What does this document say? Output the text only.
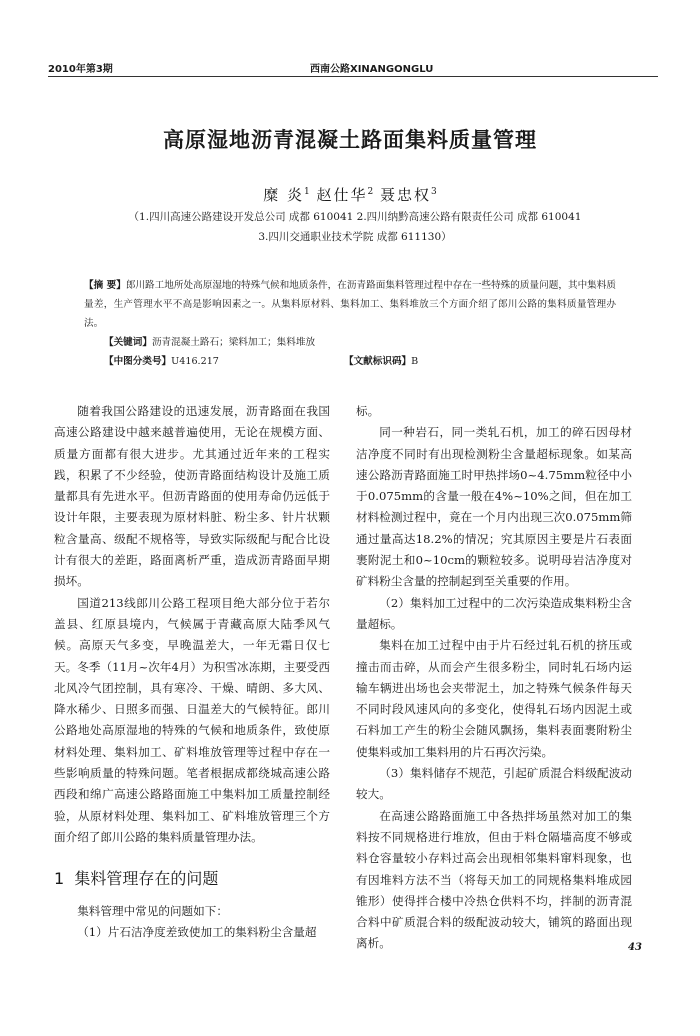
2010年第3期	西南公路XINANGONGLU
高原湿地沥青混凝土路面集料质量管理
糜 炎$^1$ 赵仕华$^2$ 聂忠权$^3$
（1.四川高速公路建设开发总公司 成都 610041 2.四川纳黔高速公路有限责任公司 成都 610041
3.四川交通职业技术学院 成都 611130）
【摘 要】郎川路工地所处高原湿地的特殊气候和地质条件，在沥青路面集料管理过程中存在一些特殊的质量问题，其中集料质量差，生产管理水平不高是影响因素之一。从集料原材料、集料加工、集料堆放三个方面介绍了郎川公路的集料质量管理办法。
【关键词】沥青混凝土路石；梁料加工；集料堆放
【中图分类号】U416.217	【文献标识码】B

随着我国公路建设的迅速发展，沥青路面在我国高速公路建设中越来越普遍使用，无论在规模方面、质量方面都有很大进步。尤其通过近年来的工程实践，积累了不少经验，使沥青路面结构设计及施工质量都具有先进水平。但沥青路面的使用寿命仍远低于设计年限，主要表现为原材料脏、粉尘多、针片状颗粒含量高、级配不规格等，导致实际级配与配合比设计有很大的差距，路面离析严重，造成沥青路面早期损坏。

国道213线郎川公路工程项目绝大部分位于若尔盖县、红原县境内，气候属于青藏高原大陆季风气候。高原天气多变，早晚温差大，一年无霜日仅七天。冬季（11月~次年4月）为积雪冰冻期，主要受西北风冷气团控制，具有寒冷、干燥、晴朗、多大风、降水稀少、日照多而强、日温差大的气候特征。郎川公路地处高原湿地的特殊的气候和地质条件，致使原材料处理、集料加工、矿料堆放管理等过程中存在一些影响质量的特殊问题。笔者根据成都绕城高速公路西段和绵广高速公路路面施工中集料加工质量控制经验，从原材料处理、集料加工、矿料堆放管理三个方面介绍了郎川公路的集料质量管理办法。

1 集料管理存在的问题

集料管理中常见的问题如下：

（1）片石洁净度差致使加工的集料粉尘含量超

标。

同一种岩石，同一类轧石机，加工的碎石因母材洁净度不同时有出现检测粉尘含量超标现象。如某高速公路沥青路面施工时甲热拌场0~4.75mm粒径中小于0.075mm的含量一般在4%~10%之间，但在加工材料检测过程中，竟在一个月内出现三次0.075mm筛通过量高达18.2%的情况；究其原因主要是片石表面裹附泥土和0~10cm的颗粒较多。说明母岩洁净度对矿料粉尘含量的控制起到至关重要的作用。

（2）集料加工过程中的二次污染造成集料粉尘含量超标。

集料在加工过程中由于片石经过轧石机的挤压或撞击而击碎，从而会产生很多粉尘，同时轧石场内运输车辆进出场也会夹带泥土，加之特殊气候条件每天不同时段风速风向的多变化，使得轧石场内因泥土或石料加工产生的粉尘会随风飘扬，集料表面裹附粉尘使集料或加工集料用的片石再次污染。

（3）集料储存不规范，引起矿质混合料级配波动较大。

在高速公路路面施工中各热拌场虽然对加工的集料按不同规格进行堆放，但由于料仓隔墙高度不够或料仓容量较小存料过高会出现相邻集料窜料现象，也有因堆料方法不当（将每天加工的同规格集料堆成园锥形）使得拌合楼中冷热仓供料不均，拌制的沥青混合料中矿质混合料的级配波动较大，铺筑的路面出现离析。	43
